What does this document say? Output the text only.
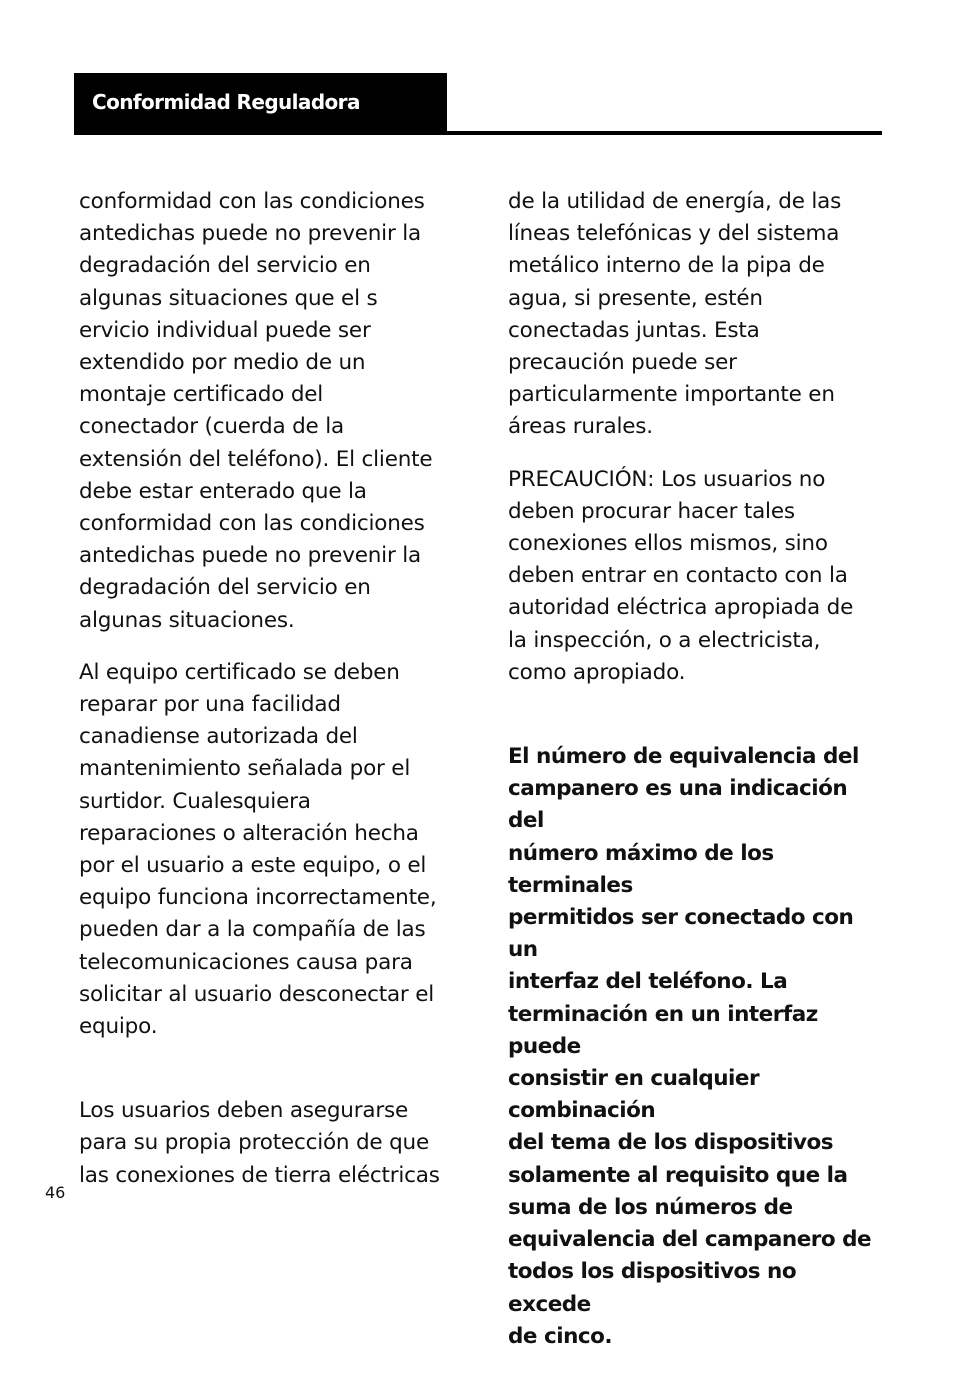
Conformidad Reguladora

conformidad con las condiciones
antedichas puede no prevenir la
degradación del servicio en
algunas situaciones que el s
ervicio individual puede ser
extendido por medio de un
montaje certificado del
conectador (cuerda de la
extensión del teléfono). El cliente
debe estar enterado que la
conformidad con las condiciones
antedichas puede no prevenir la
degradación del servicio en
algunas situaciones.

Al equipo certificado se deben
reparar por una facilidad
canadiense autorizada del
mantenimiento señalada por el
surtidor. Cualesquiera
reparaciones o alteración hecha
por el usuario a este equipo, o el
equipo funciona incorrectamente,
pueden dar a la compañía de las
telecomunicaciones causa para
solicitar al usuario desconectar el
equipo.

Los usuarios deben asegurarse
para su propia protección de que
las conexiones de tierra eléctricas

de la utilidad de energía, de las
líneas telefónicas y del sistema
metálico interno de la pipa de
agua, si presente, estén
conectadas juntas. Esta
precaución puede ser
particularmente importante en
áreas rurales.

PRECAUCIÓN: Los usuarios no
deben procurar hacer tales
conexiones ellos mismos, sino
deben entrar en contacto con la
autoridad eléctrica apropiada de
la inspección, o a electricista,
como apropiado.

El número de equivalencia del
campanero es una indicación del
número máximo de los terminales
permitidos ser conectado con un
interfaz del teléfono. La
terminación en un interfaz puede
consistir en cualquier combinación
del tema de los dispositivos
solamente al requisito que la
suma de los números de
equivalencia del campanero de
todos los dispositivos no excede
de cinco.

46
